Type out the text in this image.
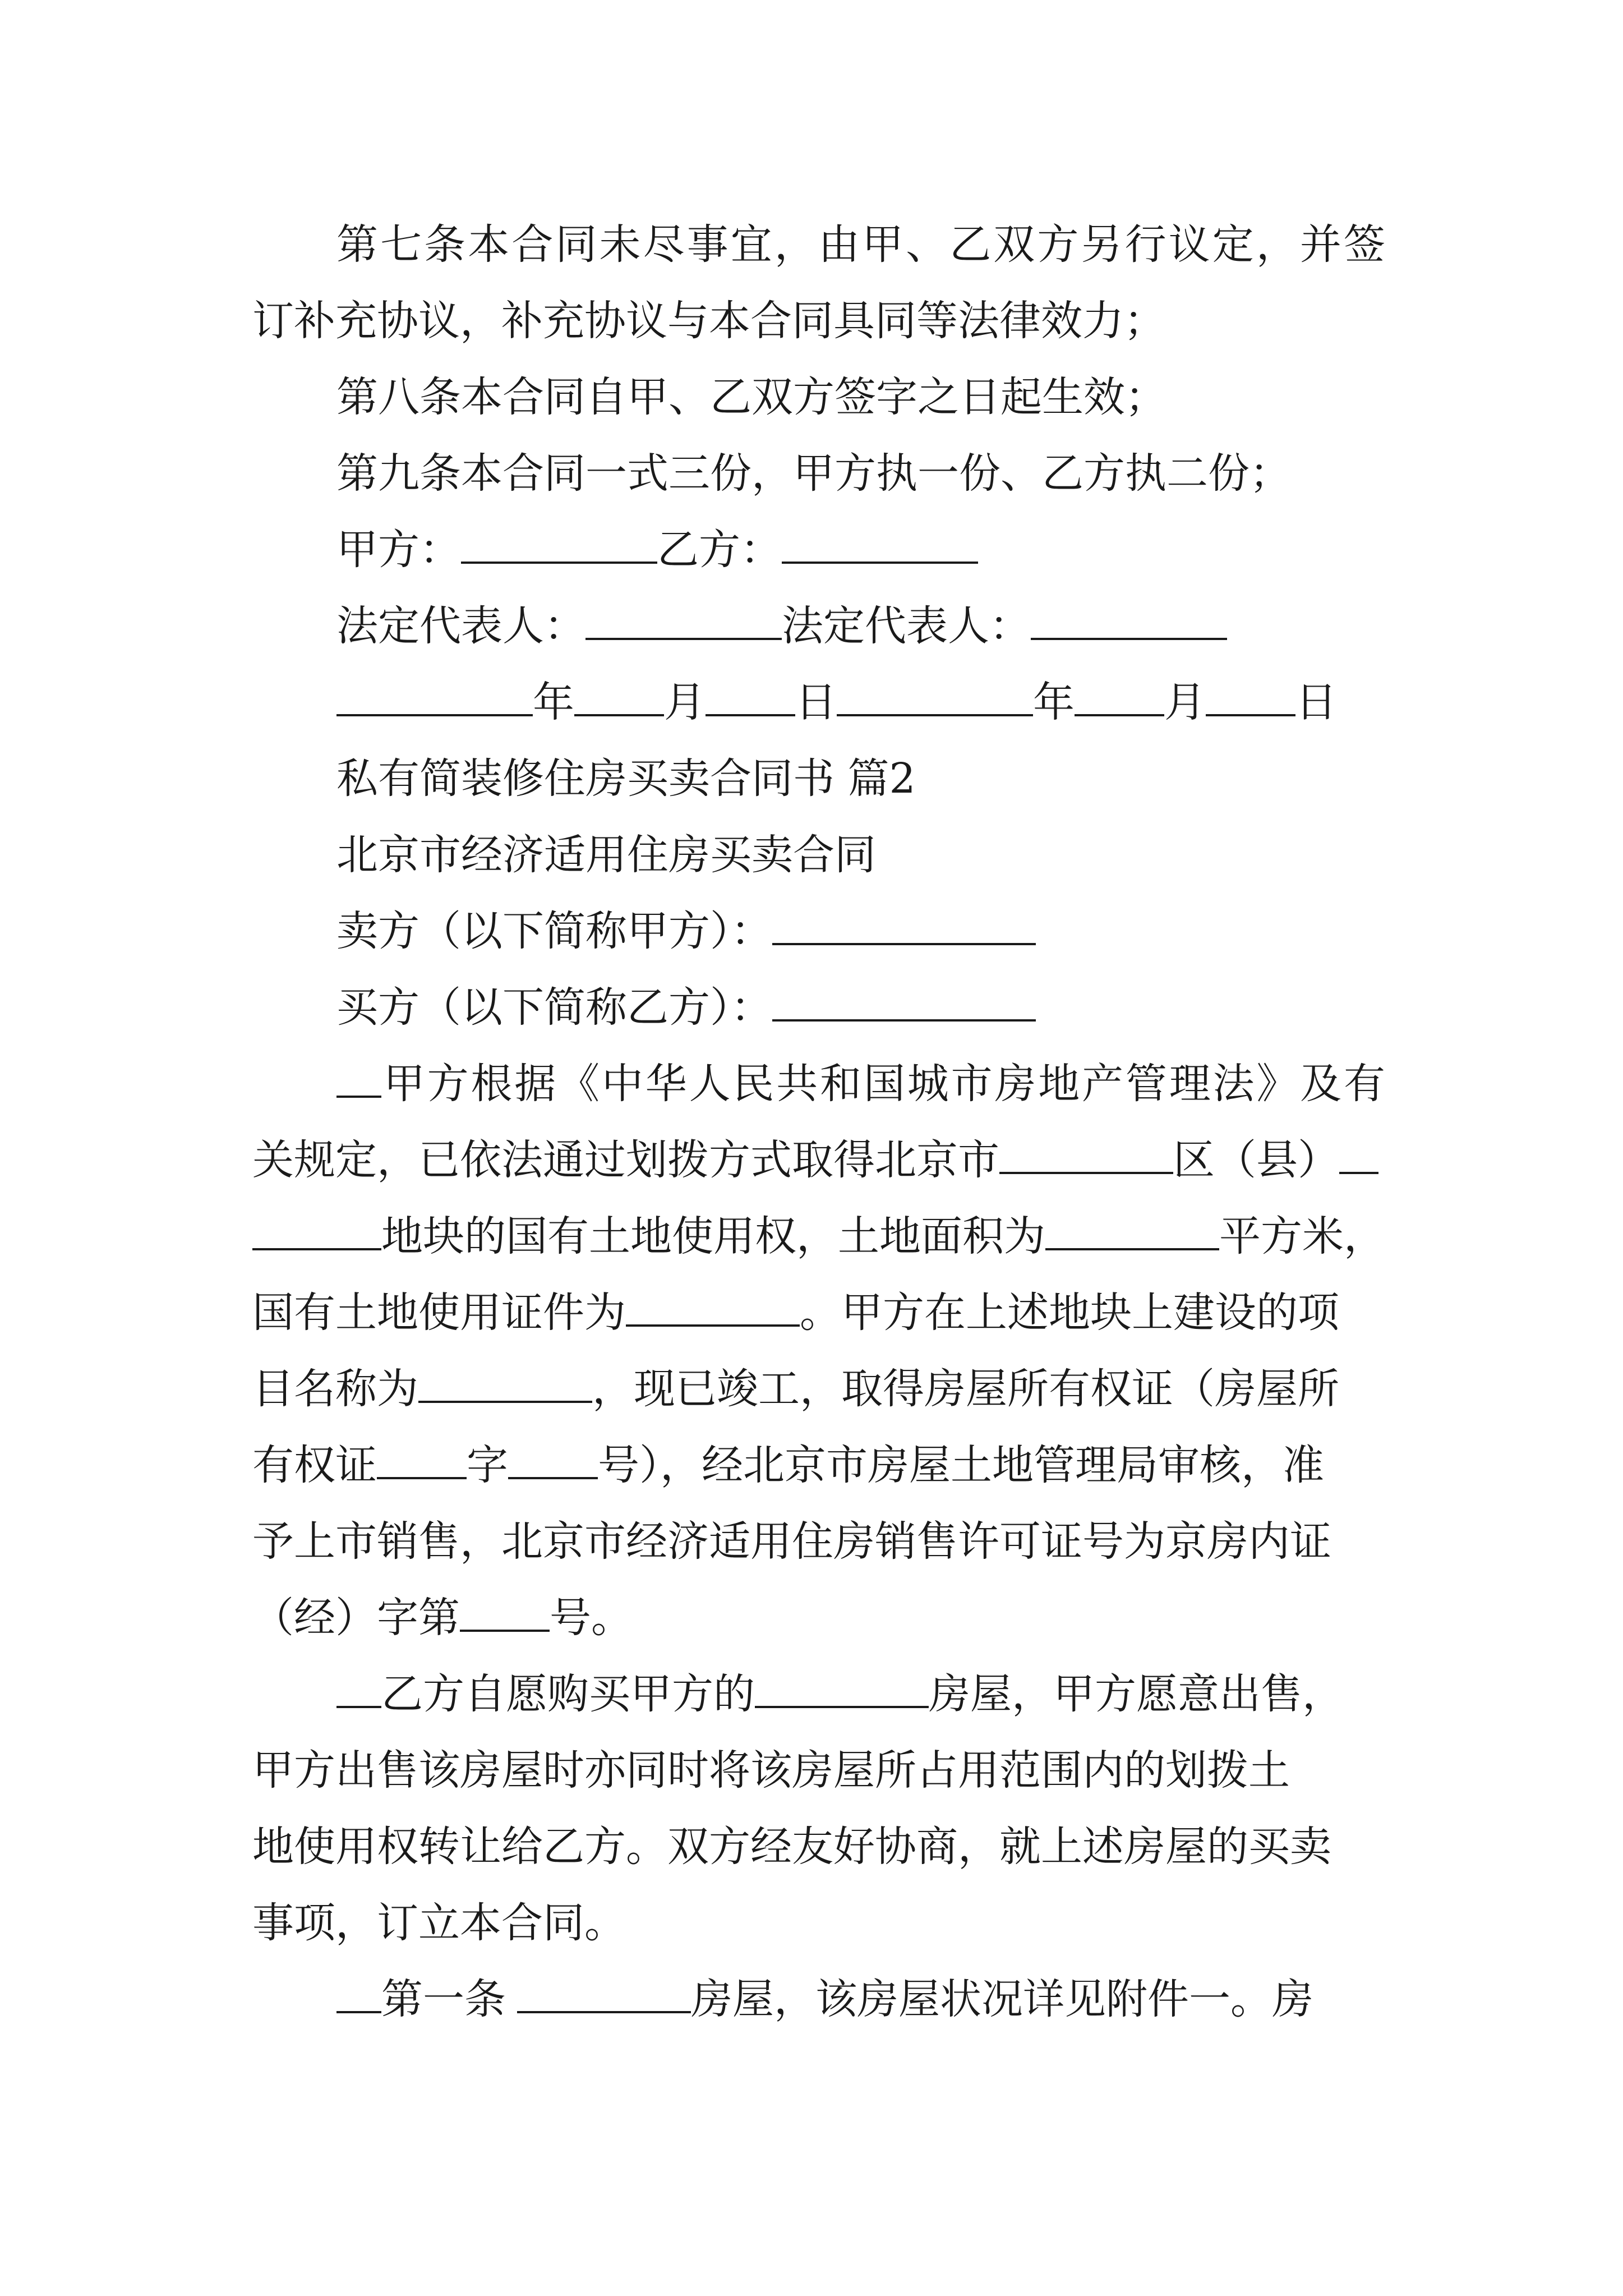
第七条本合同未尽事宜，由甲、乙双方另行议定，并签
订补充协议，补充协议与本合同具同等法律效力；
第八条本合同自甲、乙双方签字之日起生效；
第九条本合同一式三份，甲方执一份、乙方执二份；
甲方：	乙方：
法定代表人：	法定代表人：
年 月 日	年 月 日
私有简装修住房买卖合同书 篇2
北京市经济适用住房买卖合同
卖方（以下简称甲方）：
买方（以下简称乙方）：
甲方根据《中华人民共和国城市房地产管理法》及有
关规定，已依法通过划拨方式取得北京市	区（县）
地块的国有土地使用权，土地面积为	平方米，
国有土地使用证件为	。甲方在上述地块上建设的项
目名称为	，现已竣工，取得房屋所有权证（房屋所
有权证 字 号），经北京市房屋土地管理局审核，准
予上市销售，北京市经济适用住房销售许可证号为京房内证
（经）字第 号。
乙方自愿购买甲方的	房屋，甲方愿意出售，
甲方出售该房屋时亦同时将该房屋所占用范围内的划拨土
地使用权转让给乙方。双方经友好协商，就上述房屋的买卖
事项，订立本合同。
第一条	房屋，该房屋状况详见附件一。房
